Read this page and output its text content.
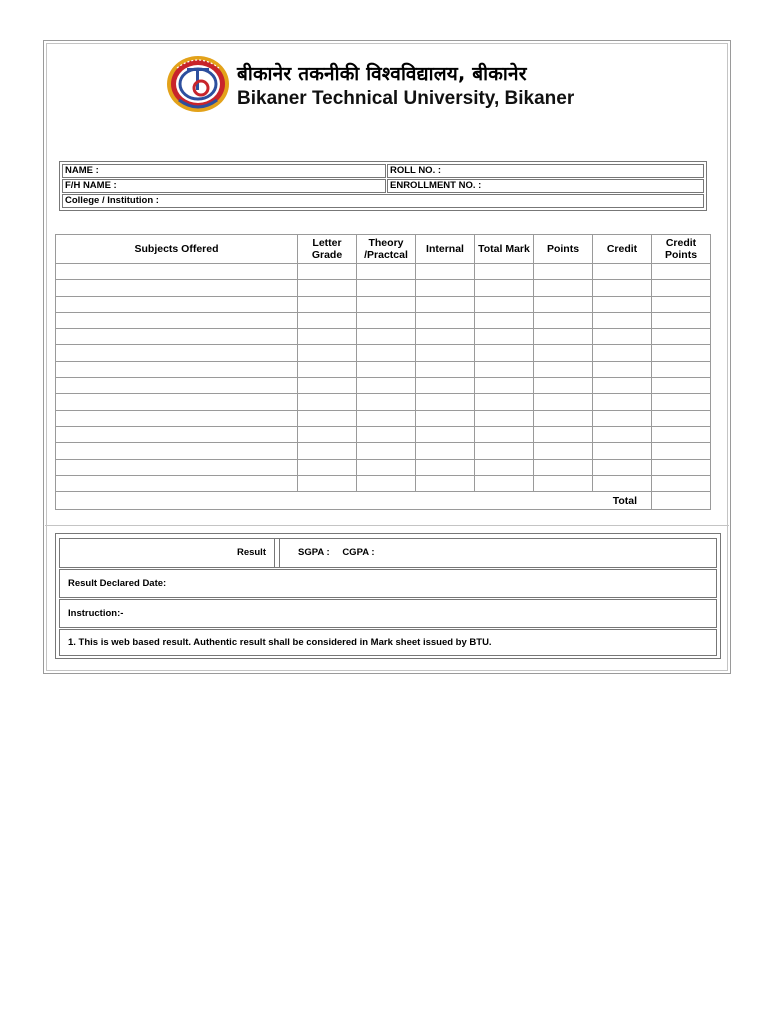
बीकानेर तकनीकी विश्वविद्यालय, बीकानेर
Bikaner Technical University, Bikaner
NAME :	ROLL NO. :
F/H NAME :	ENROLLMENT NO. :
College / Institution :	
Subjects Offered	Letter Grade	Theory /Practcal	Internal	Total Mark	Points	Credit	Credit Points

Total							
Result	SGPA : CGPA :
Result Declared Date:
Instruction:-
1. This is web based result. Authentic result shall be considered in Mark sheet issued by BTU.
